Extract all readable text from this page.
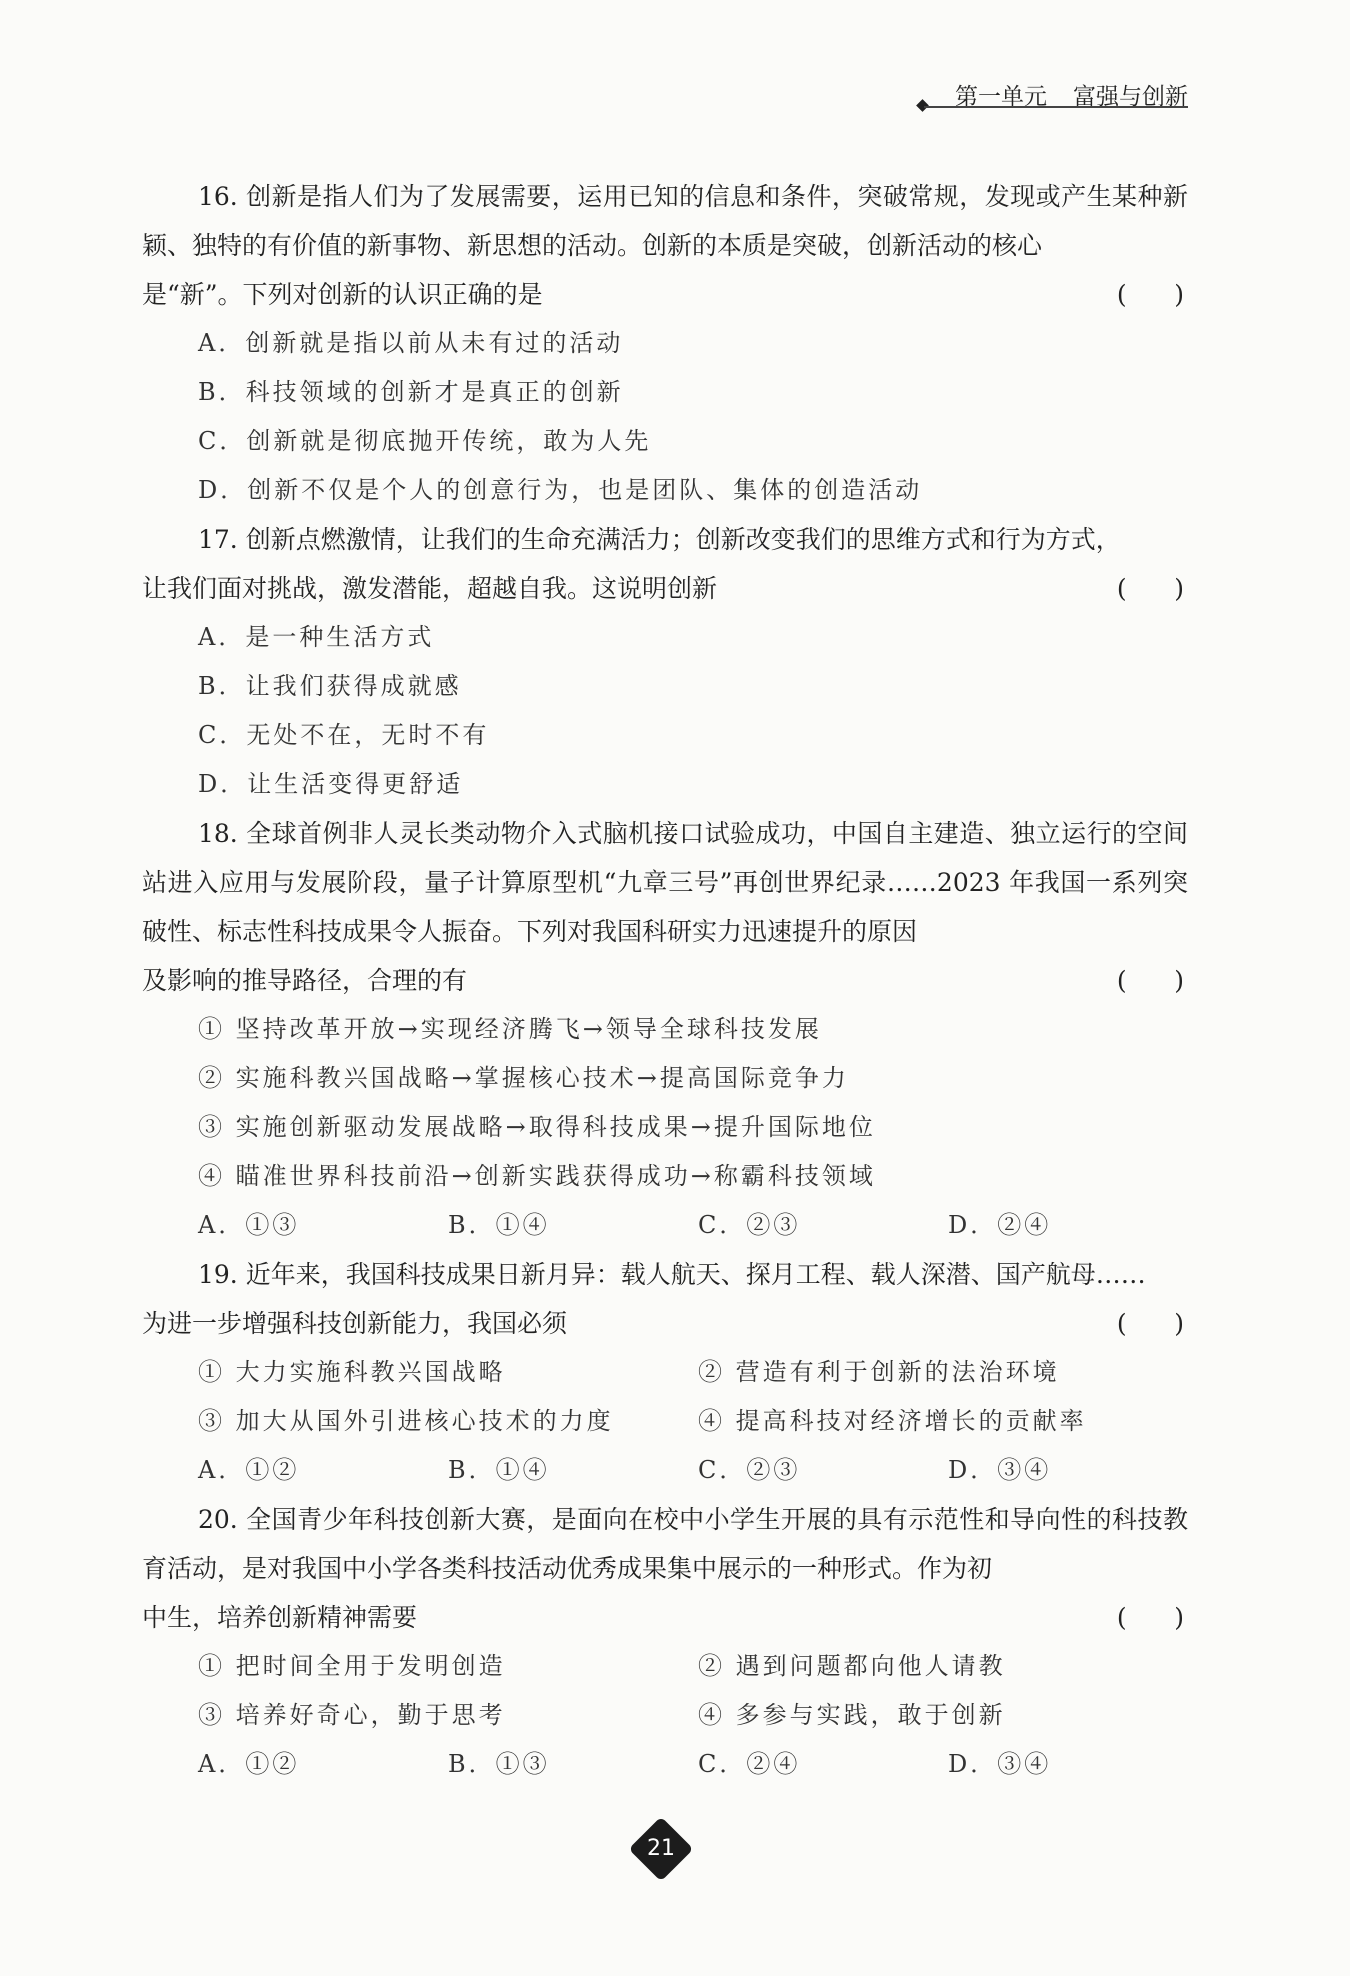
第一单元 富强与创新

16. 创新是指人们为了发展需要，运用已知的信息和条件，突破常规，发现或产生某种新颖、独特的有价值的新事物、新思想的活动。创新的本质是突破，创新活动的核心
是“新”。下列对创新的认识正确的是	(      )

A．创新就是指以前从未有过的活动

B．科技领域的创新才是真正的创新

C．创新就是彻底抛开传统，敢为人先

D．创新不仅是个人的创意行为，也是团队、集体的创造活动

17. 创新点燃激情，让我们的生命充满活力；创新改变我们的思维方式和行为方式，
让我们面对挑战，激发潜能，超越自我。这说明创新	(      )

A．是一种生活方式

B．让我们获得成就感

C．无处不在，无时不有

D．让生活变得更舒适

18. 全球首例非人灵长类动物介入式脑机接口试验成功，中国自主建造、独立运行的空间站进入应用与发展阶段，量子计算原型机“九章三号”再创世界纪录……2023 年我国一系列突破性、标志性科技成果令人振奋。下列对我国科研实力迅速提升的原因
及影响的推导路径，合理的有	(      )

① 坚持改革开放→实现经济腾飞→领导全球科技发展

② 实施科教兴国战略→掌握核心技术→提高国际竞争力

③ 实施创新驱动发展战略→取得科技成果→提升国际地位

④ 瞄准世界科技前沿→创新实践获得成功→称霸科技领域

A．①③	B．①④	C．②③	D．②④

19. 近年来，我国科技成果日新月异：载人航天、探月工程、载人深潜、国产航母……
为进一步增强科技创新能力，我国必须	(      )

① 大力实施科教兴国战略	② 营造有利于创新的法治环境

③ 加大从国外引进核心技术的力度	④ 提高科技对经济增长的贡献率

A．①②	B．①④	C．②③	D．③④

20. 全国青少年科技创新大赛，是面向在校中小学生开展的具有示范性和导向性的科技教育活动，是对我国中小学各类科技活动优秀成果集中展示的一种形式。作为初
中生，培养创新精神需要	(      )

① 把时间全用于发明创造	② 遇到问题都向他人请教

③ 培养好奇心，勤于思考	④ 多参与实践，敢于创新

A．①②	B．①③	C．②④	D．③④

21
